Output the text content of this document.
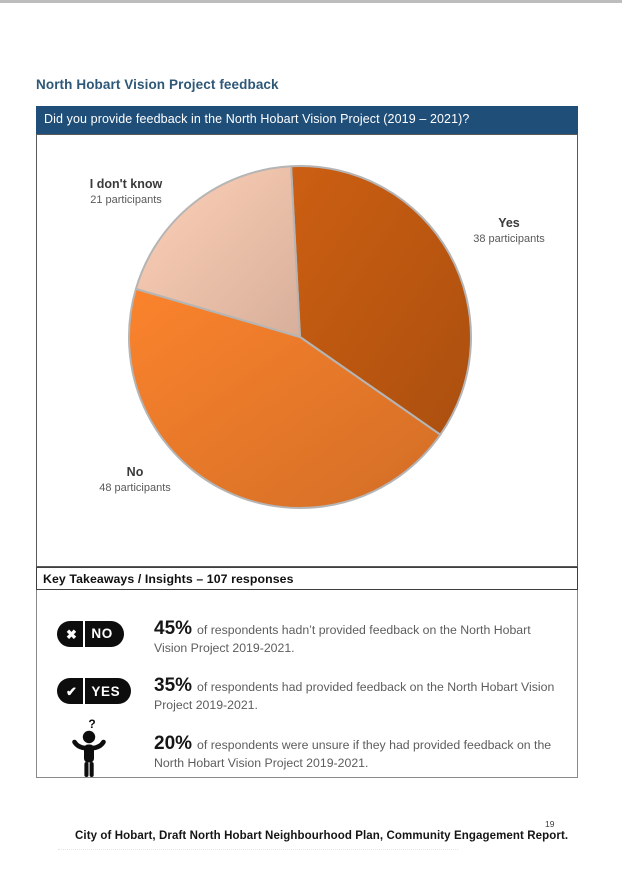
North Hobart Vision Project feedback
Did you provide feedback in the North Hobart Vision Project (2019 – 2021)?
I don't know
21 participants
Yes
38 participants
No
48 participants
Key Takeaways / Insights – 107 responses
✖	NO	45% of respondents hadn’t provided feedback on the North Hobart Vision Project 2019-2021.
✔	YES	35% of respondents had provided feedback on the North Hobart Vision Project 2019-2021.
?
20% of respondents were unsure if they had provided feedback on the North Hobart Vision Project 2019-2021.
City of Hobart, Draft North Hobart Neighbourhood Plan, Community Engagement Report.
19
